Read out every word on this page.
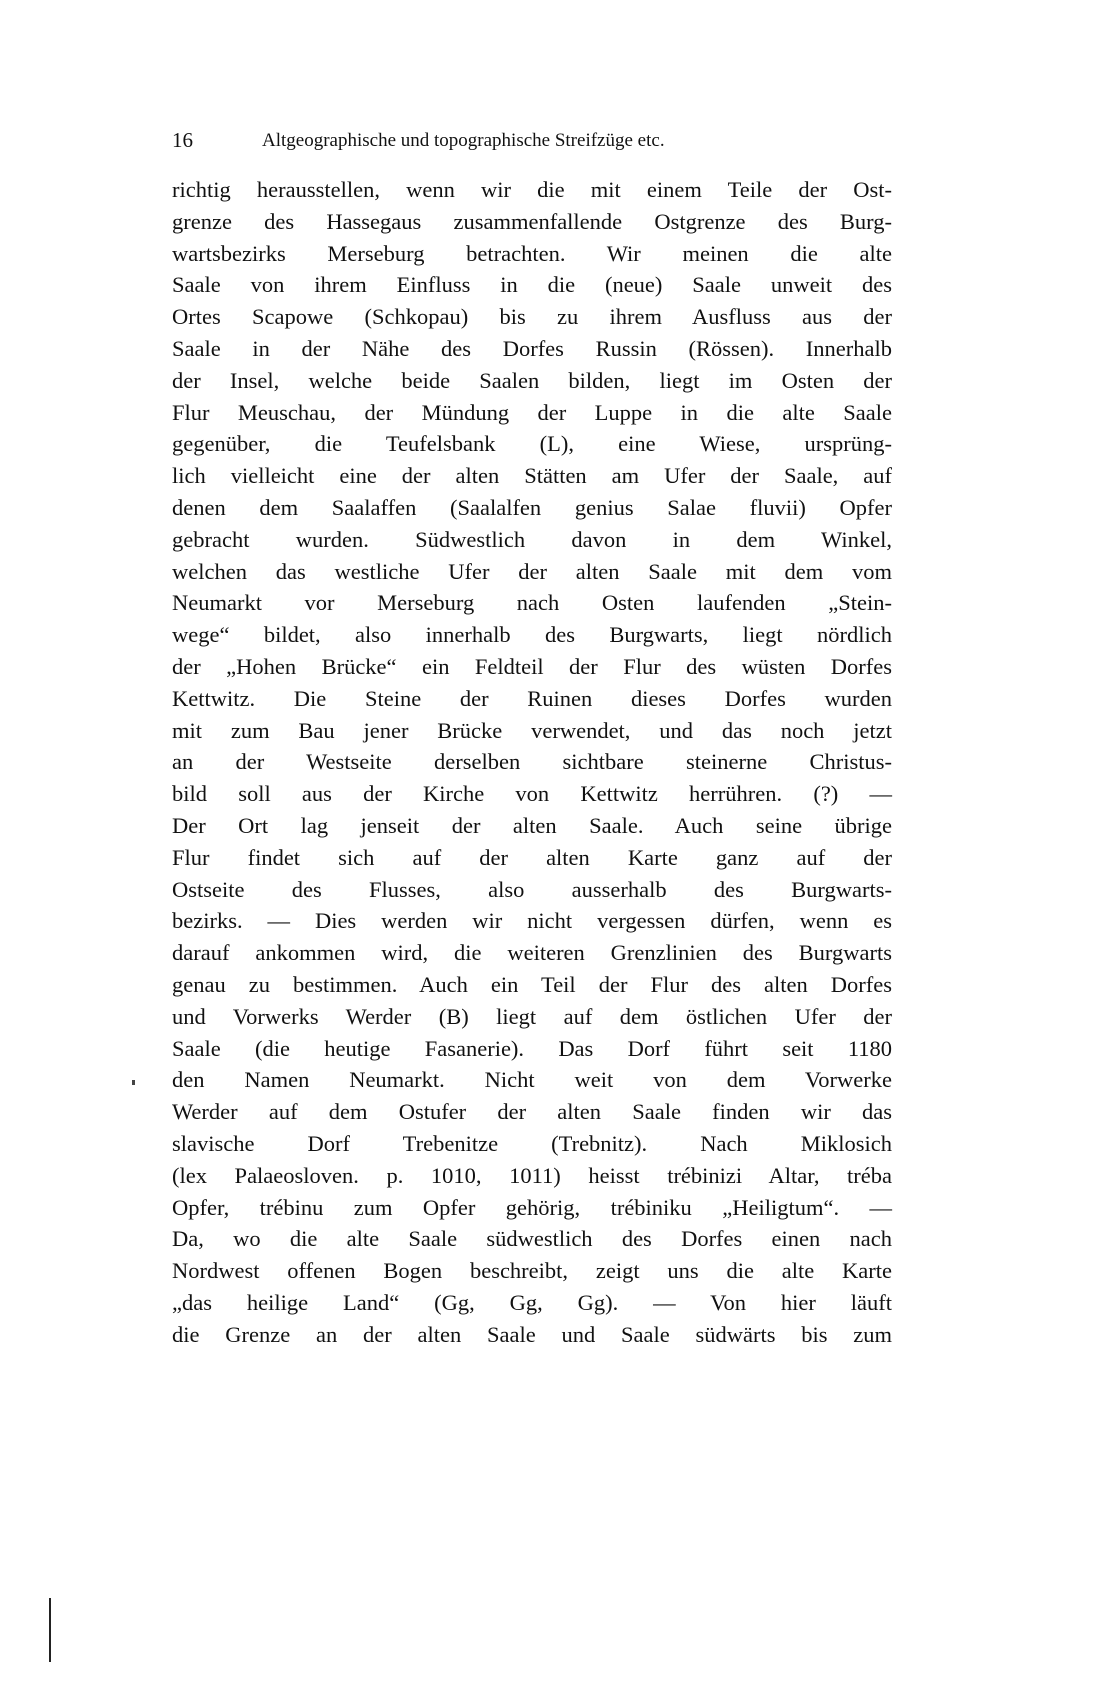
16	Altgeographische und topographische Streifzüge etc.
richtig herausstellen, wenn wir die mit einem Teile der Ost-
grenze des Hassegaus zusammenfallende Ostgrenze des Burg-
wartsbezirks Merseburg betrachten. Wir meinen die alte
Saale von ihrem Einfluss in die (neue) Saale unweit des
Ortes Scapowe (Schkopau) bis zu ihrem Ausfluss aus der
Saale in der Nähe des Dorfes Russin (Rössen). Innerhalb
der Insel, welche beide Saalen bilden, liegt im Osten der
Flur Meuschau, der Mündung der Luppe in die alte Saale
gegenüber, die Teufelsbank (L), eine Wiese, ursprüng-
lich vielleicht eine der alten Stätten am Ufer der Saale, auf
denen dem Saalaffen (Saalalfen genius Salae fluvii) Opfer
gebracht wurden. Südwestlich davon in dem Winkel,
welchen das westliche Ufer der alten Saale mit dem vom
Neumarkt vor Merseburg nach Osten laufenden „Stein-
wege“ bildet, also innerhalb des Burgwarts, liegt nördlich
der „Hohen Brücke“ ein Feldteil der Flur des wüsten Dorfes
Kettwitz. Die Steine der Ruinen dieses Dorfes wurden
mit zum Bau jener Brücke verwendet, und das noch jetzt
an der Westseite derselben sichtbare steinerne Christus-
bild soll aus der Kirche von Kettwitz herrühren. (?) —
Der Ort lag jenseit der alten Saale. Auch seine übrige
Flur findet sich auf der alten Karte ganz auf der
Ostseite des Flusses, also ausserhalb des Burgwarts-
bezirks. — Dies werden wir nicht vergessen dürfen, wenn es
darauf ankommen wird, die weiteren Grenzlinien des Burgwarts
genau zu bestimmen. Auch ein Teil der Flur des alten Dorfes
und Vorwerks Werder (B) liegt auf dem östlichen Ufer der
Saale (die heutige Fasanerie). Das Dorf führt seit 1180
den Namen Neumarkt. Nicht weit von dem Vorwerke
Werder auf dem Ostufer der alten Saale finden wir das
slavische Dorf Trebenitze (Trebnitz). Nach Miklosich
(lex Palaeosloven. p. 1010, 1011) heisst trébinizi Altar, tréba
Opfer, trébinu zum Opfer gehörig, trébiniku „Heiligtum“. —
Da, wo die alte Saale südwestlich des Dorfes einen nach
Nordwest offenen Bogen beschreibt, zeigt uns die alte Karte
„das heilige Land“ (Gg, Gg, Gg). — Von hier läuft
die Grenze an der alten Saale und Saale südwärts bis zum
